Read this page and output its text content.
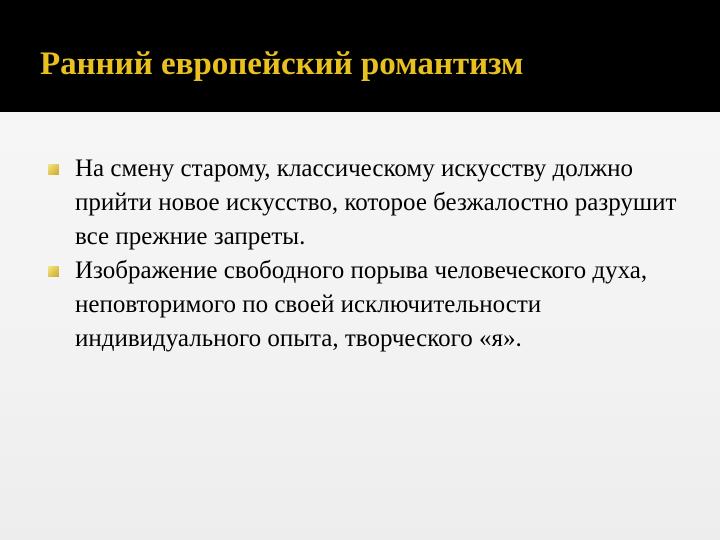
Ранний европейский романтизм
На смену старому, классическому искусству должно прийти новое искусство, которое безжалостно разрушит все прежние запреты.
Изображение свободного порыва человеческого духа, неповторимого по своей исключительности индивидуального опыта, творческого «я».
